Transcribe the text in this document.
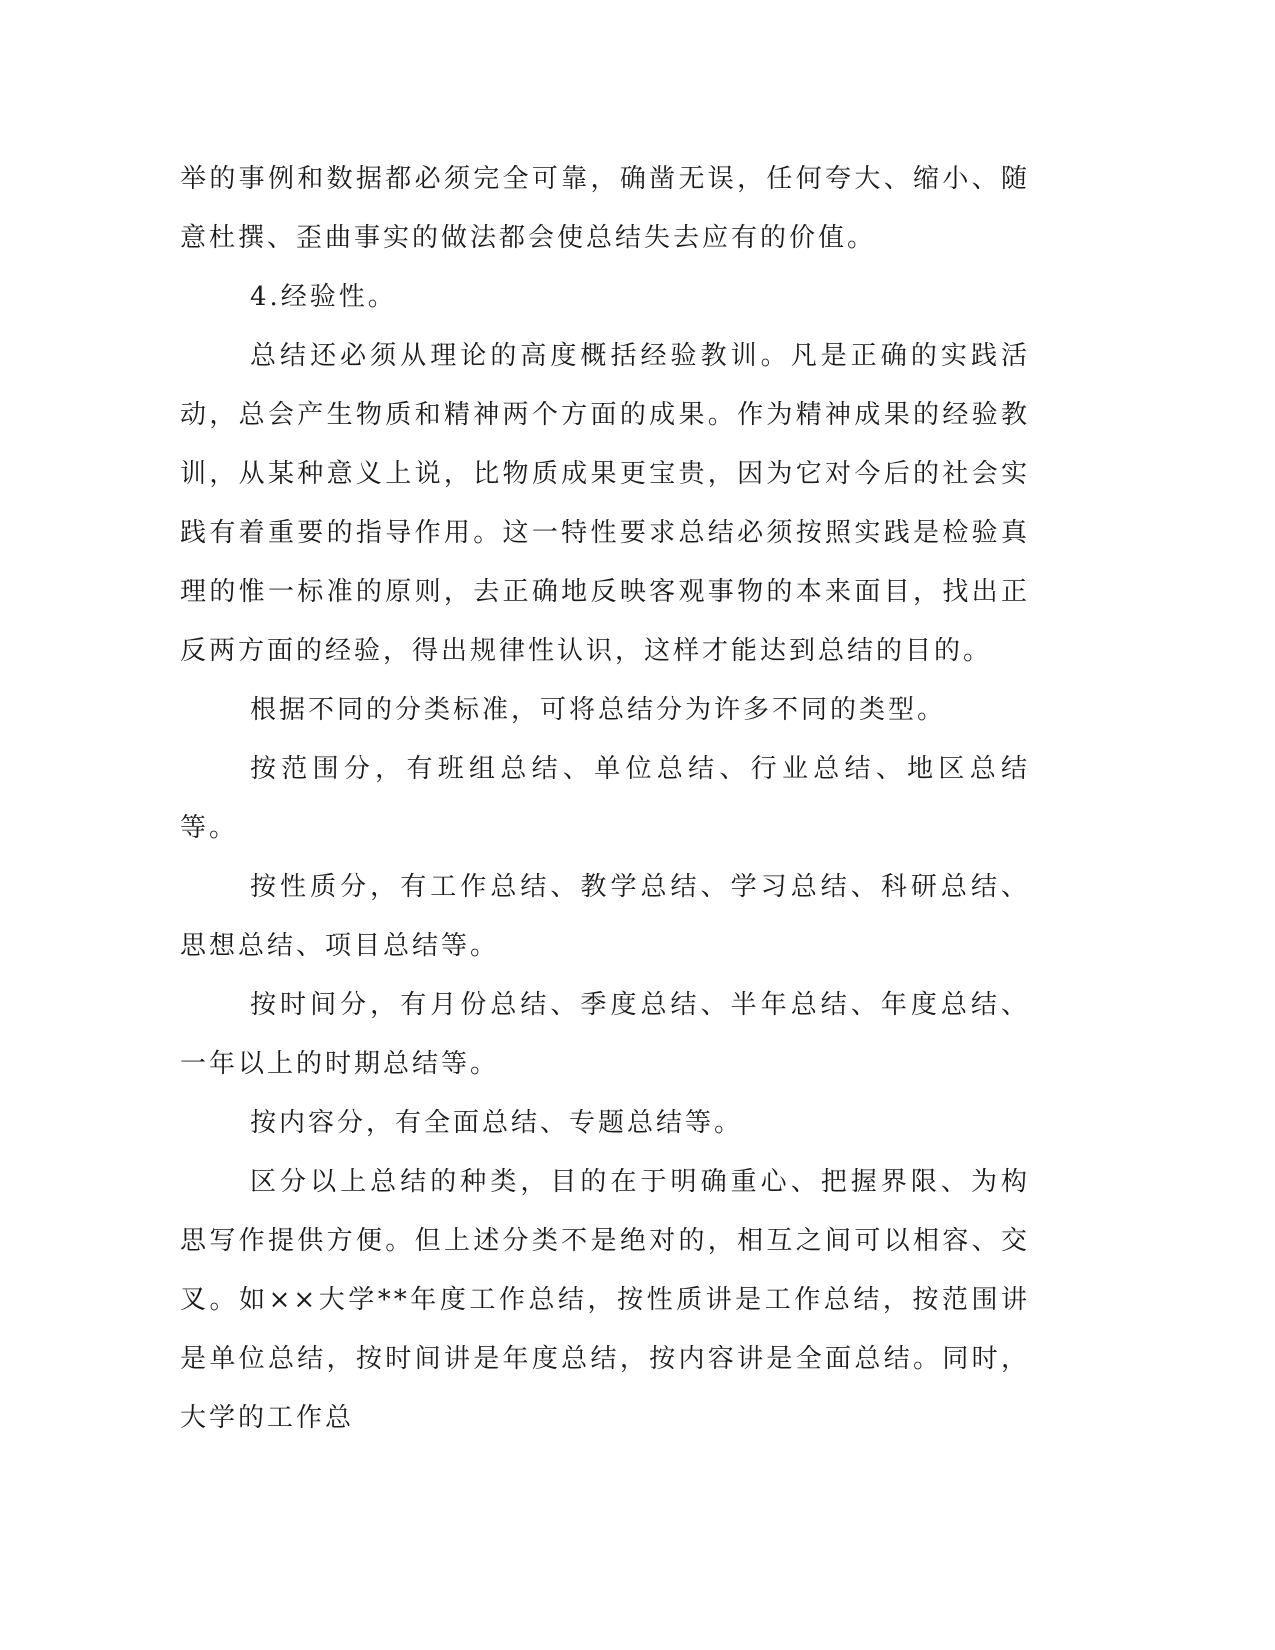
举的事例和数据都必须完全可靠，确凿无误，任何夸大、缩小、随意杜撰、歪曲事实的做法都会使总结失去应有的价值。

4.经验性。

总结还必须从理论的高度概括经验教训。凡是正确的实践活动，总会产生物质和精神两个方面的成果。作为精神成果的经验教训，从某种意义上说，比物质成果更宝贵，因为它对今后的社会实践有着重要的指导作用。这一特性要求总结必须按照实践是检验真理的惟一标准的原则，去正确地反映客观事物的本来面目，找出正反两方面的经验，得出规律性认识，这样才能达到总结的目的。

根据不同的分类标准，可将总结分为许多不同的类型。

按范围分，有班组总结、单位总结、行业总结、地区总结等。

按性质分，有工作总结、教学总结、学习总结、科研总结、思想总结、项目总结等。

按时间分，有月份总结、季度总结、半年总结、年度总结、一年以上的时期总结等。

按内容分，有全面总结、专题总结等。

区分以上总结的种类，目的在于明确重心、把握界限、为构思写作提供方便。但上述分类不是绝对的，相互之间可以相容、交叉。如××大学**年度工作总结，按性质讲是工作总结，按范围讲是单位总结，按时间讲是年度总结，按内容讲是全面总结。同时，大学的工作总
